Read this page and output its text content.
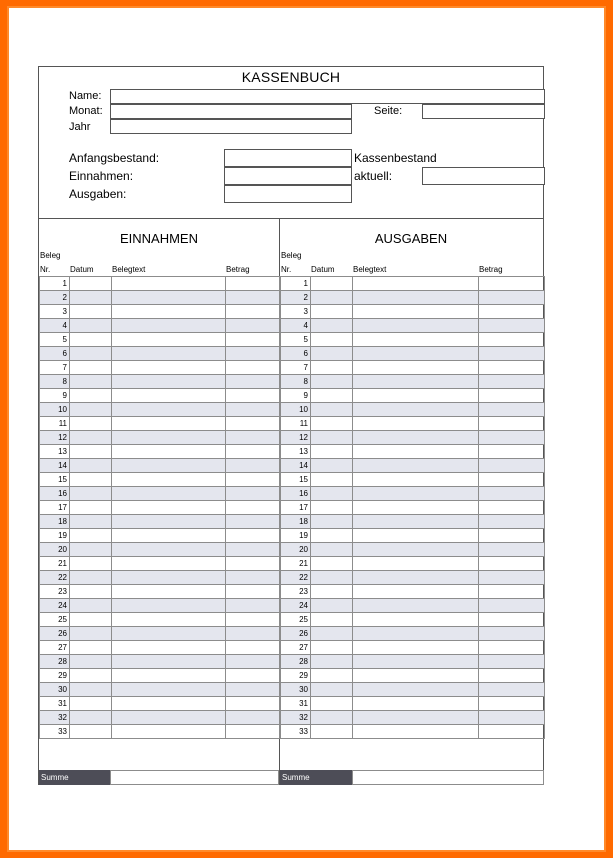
KASSENBUCH
Name:
Monat:	Seite:
Jahr
Anfangsbestand:	Kassenbestand
Einnahmen:	aktuell:
Ausgaben:
EINNAHMEN
Beleg
Nr. Datum Belegtext	Betrag
1			
2			
3			
4			
5			
6			
7			
8			
9			
10			
11			
12			
13			
14			
15			
16			
17			
18			
19			
20			
21			
22			
23			
24			
25			
26			
27			
28			
29			
30			
31			
32			
33			
Summe
AUSGABEN
Beleg
Nr. Datum Belegtext	Betrag
1			
2			
3			
4			
5			
6			
7			
8			
9			
10			
11			
12			
13			
14			
15			
16			
17			
18			
19			
20			
21			
22			
23			
24			
25			
26			
27			
28			
29			
30			
31			
32			
33			
Summe
